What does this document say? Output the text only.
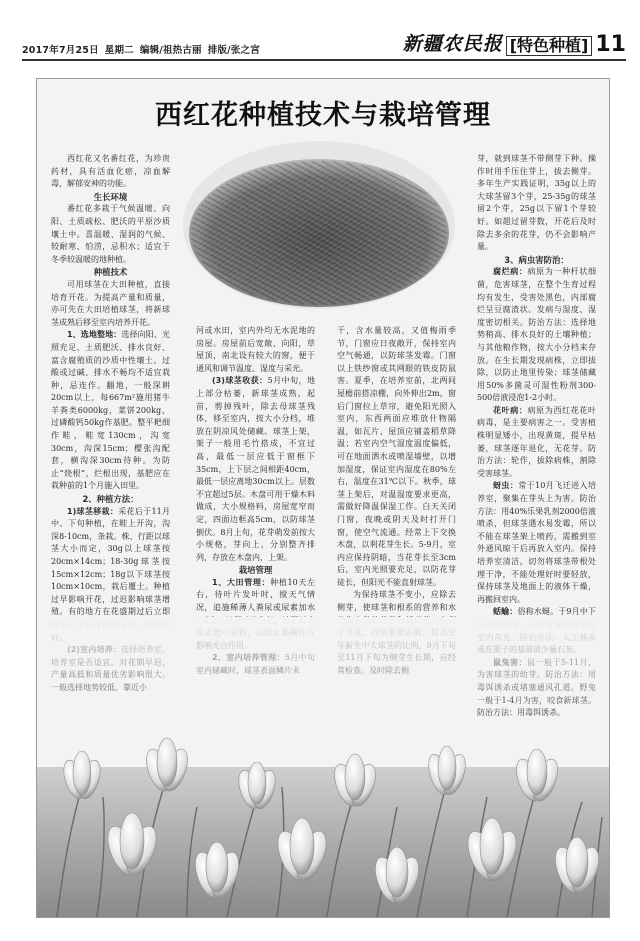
2017年7月25日 星期二 编辑/祖热古丽 排版/张之宫	新疆农民报 [特色种植] 11
西红花种植技术与栽培管理

西红花又名番红花，为珍贵药材，具有活血化瘀，凉血解毒，解郁安神的功能。

生长环境

番红花多栽于气候温暖、向阳、土质疏松、肥沃的平原沙质壤土中。喜温暖、湿润的气候、较耐寒、怕涝，忌积水；适宜于冬季较温暖的地种植。

种植技术

可用球茎在大田种植，直接培育开花。为提高产量和质量，亦可先在大田培植球茎，将新球茎成熟后移至室内培养开花。

1、选地整地：选择向阳、光照充足、土质肥沃、排水良好、富含腐殖质的沙质中性壤土。过酸或过碱、排水不畅均不适宜栽种，忌连作。翻地，一般深耕20cm以上，每667m²施用猪牛羊粪类6000kg，菜饼200kg，过磷酸钙50kg作基肥。整平耙细作畦，畦宽130cm，沟宽30cm，沟深15cm；樱张沟配套，横沟深30cm待种。为防止“烧根”，烂根出现，基肥应在栽种前的1个月施入田里。

2、种植方法：

1)球茎移栽：采花后于11月中、下旬种植，在畦上开沟，沟深8-10cm，条栽。株、行距以球茎大小而定，30g以上球茎按20cm×14cm；18-30g球茎按15cm×12cm；18g以下球茎按10cm×10cm，栽后覆土。种植过早影响开花，过迟影响球茎增殖。有的地方在花盛期过后立即

河或水田，室内外均无水泥地的房屋。房屋前后宽敞、向阳，草屋顶，南北设有较大的窗，便于通风和调节温度、湿度与采光。

(3)球茎收获：5月中旬，地上部分枯萎，新球茎成熟，起苗，剪掉残叶，除去母球茎残体，移至室内，按大小分档，堆放在阴凉风处储藏。球茎上架，架子一般用毛竹搭成，不宜过高，最低一层应低于窗框下35cm，上下层之间相距40cm，最低一层应离地30cm以上。层数不宜超过5层。木盘可用干燥木料做成，大小规格料，房屋宽窄而定，四面边框高5cm，以防球茎倒伏。8月上旬，花芽萌发前按大小规格，芽向上，分别整齐排列，存放在木盘内，上架。

栽培管理

1、大田管理：种植10天左右，待叶片发叶时，搅天气情况，追施稀薄人粪尿或尿素加水

干，含水量较高，又值梅雨季节，门窗应日夜敞开，保持室内空气畅通，以防球茎发霉。门窗以上铁纱窗或其网眼的铁皮防鼠害。夏季，在培养室前，北两间屋檐前搭凉棚，向外伸出2m，窗后门窗拉上草帘，避免阳光照入室内，东西两面应堆放什物隔温，如瓦片、屋顶应铺盖稻草降温；若室内空气湿度温度偏低，可在地面洒水或喷湿墙壁，以增加湿度，保证室内湿度在80%左右，温度在31℃以下。秋季，球茎上架后，对温湿度要求更高，需做好降温保湿工作。白天关闭门窗，夜晚或阴天及时打开门窗，使空气流通。经常上下交换木盘，以利花芽生长。5-9月，室内应保持阴暗，当花芽长至3cm后，室内光照要充足，以防花芽徒长，但阳光不能直射球茎。

为保持球茎不变小，应除去侧芽，使球茎和根系的营养和水

芽，就到球茎不带侧芽下种。操作时用手压住芽上，拔去侧芽。多年生产实践证明，35g以上的大球茎留3个芽，25-35g的球茎留2个芽，25g以下留1个芽较好。如超过留芽数，开花后及时除去多余的花芽，仍不会影响产量。

3、病虫害防治：

腐烂病：病原为一种杆状细菌，危害球茎，在整个生育过程均有发生，受害处黑色，内部腐烂呈豆腐渣状。发病与湿度、湿度密切相关。防治方法：选择地势稍高、排水良好的土壤种植；与其他粮作物，按大小分档来存放。在生长期发现病株，立即拔除，以防止地里传染；球茎储藏用50%多菌灵可湿性粉剂300-500倍液浸泡1-2小时。

花叶病：病原为西红花花叶病毒，是主要病害之一。受害植株明显矮小，出现黄斑，提早枯萎，球茎逐年退化，无花芽。防治方法：轮作，拔除病株，割除受害球茎。

蚜虫：常于10月飞迁进入培养室，聚集在芽头上为害。防治方法：用40%乐果乳剂2000倍液喷杀，但球茎遇水易发霉，所以不能在球茎架上喷药，需搬到室外通风晾干后再放入室内。保持培养室清洁，切勿将球茎带根处理干净，不能处理好时要轻放，保持球茎及地面上的液体干燥，再搬回室内。

蛞蝓：俗称水蜒。于9月中下
